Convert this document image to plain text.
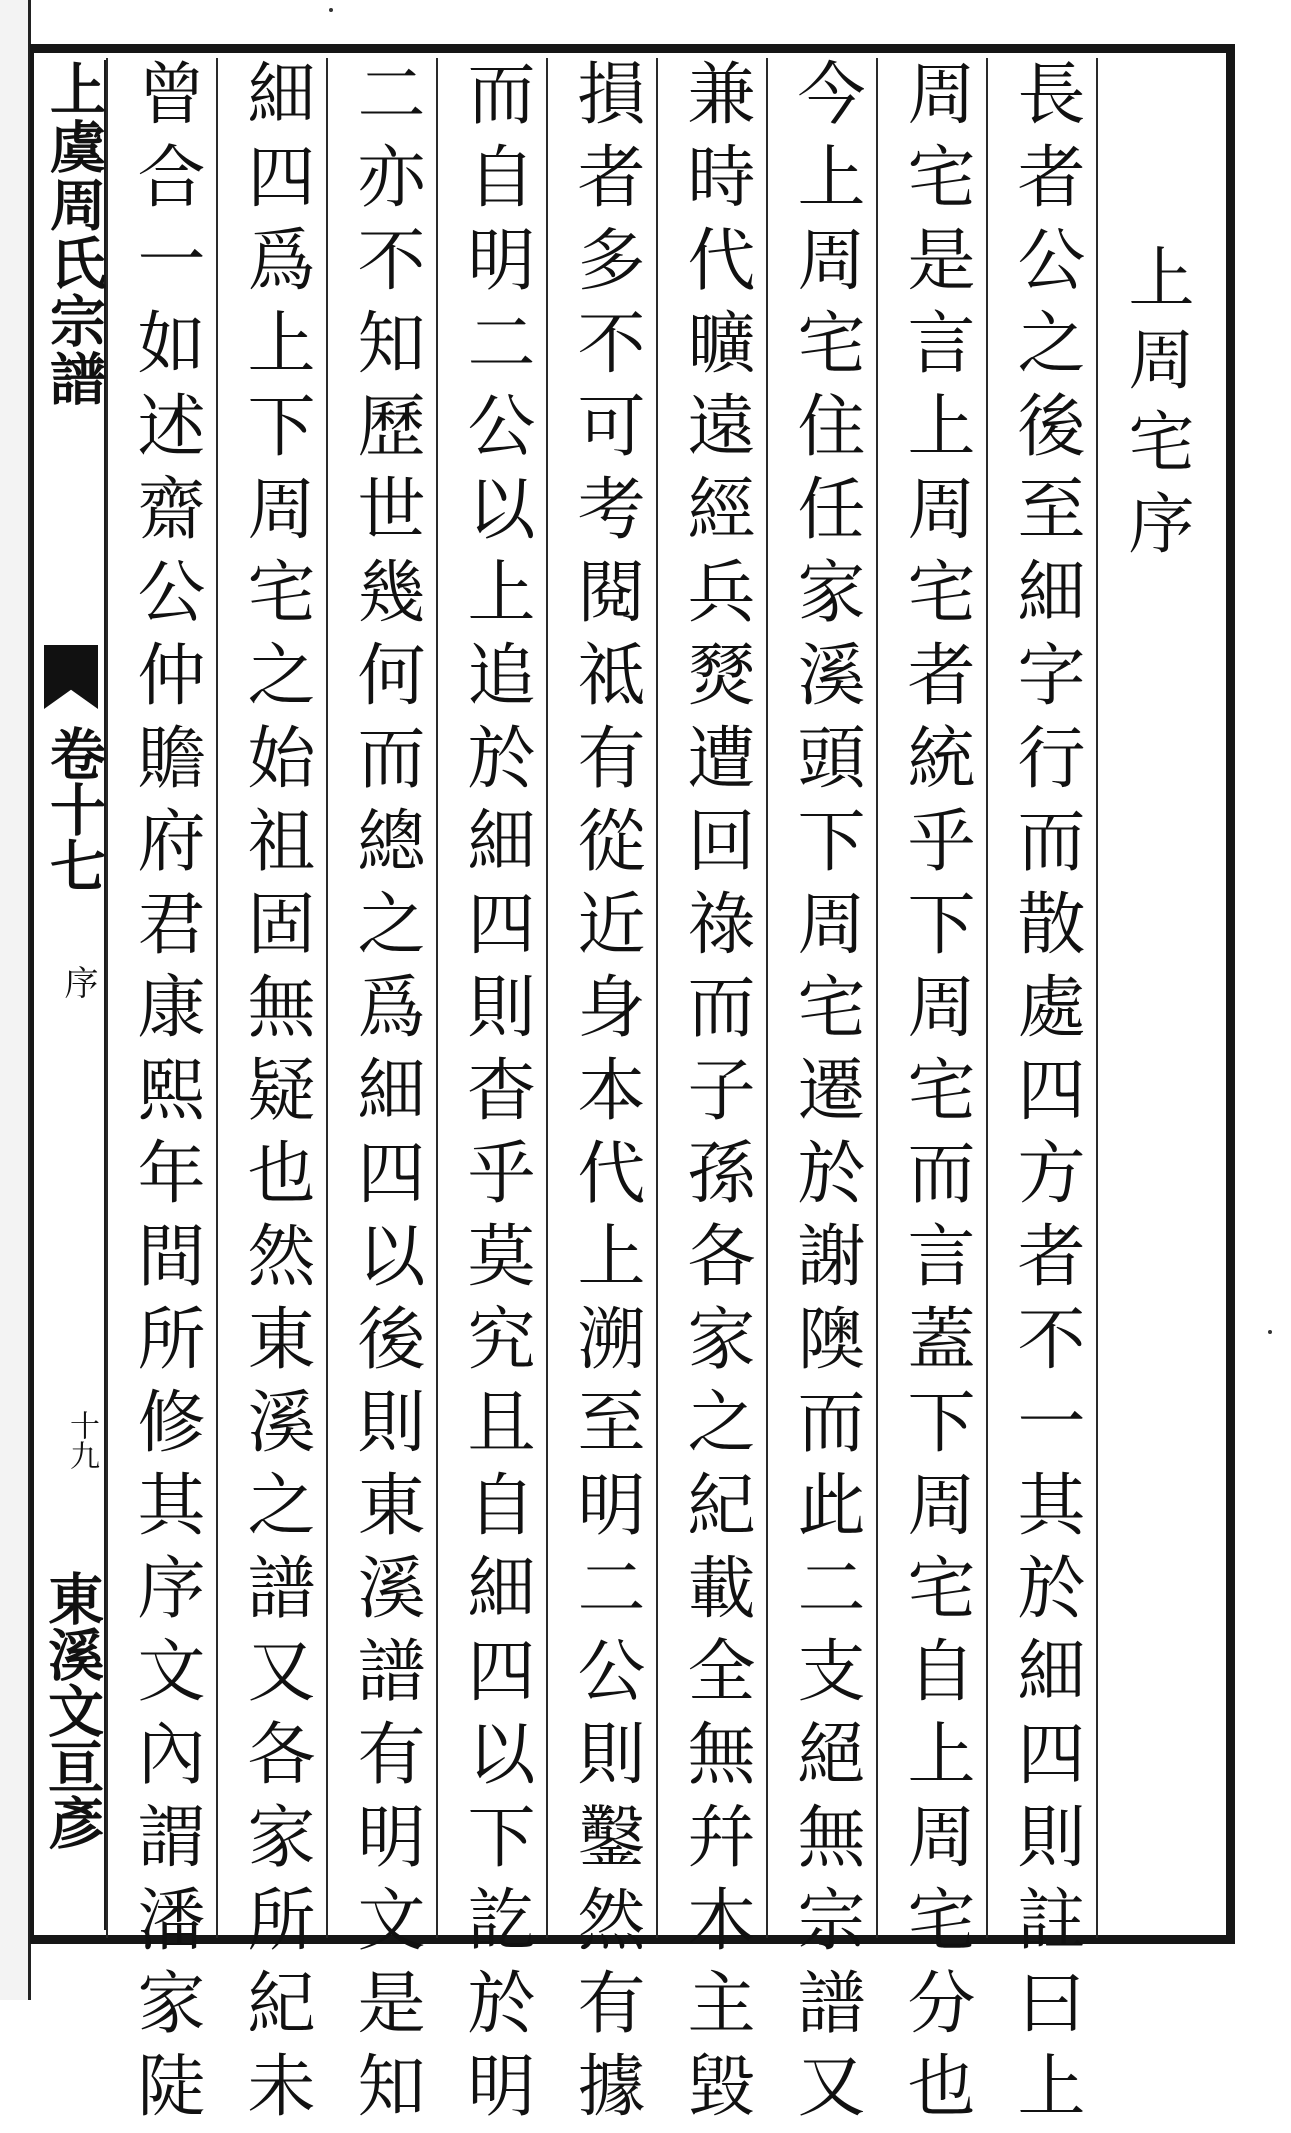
上虞周氏宗譜
卷十七
序
十九
東溪文亘彥 曾合一如述齋公仲贍府君康熙年間所修其序文內謂潘家陡 細四爲上下周宅之始祖固無疑也然東溪之譜又各家所紀未 二亦不知歷世幾何而總之爲細四以後則東溪譜有明文是知 而自明二公以上追於細四則杳乎莫究且自細四以下訖於明 損者多不可考閱祗有從近身本代上溯至明二公則鑿然有據 兼時代曠遠經兵燹遭回祿而子孫各家之紀載全無幷木主毀 今上周宅住任家溪頭下周宅遷於謝隩而此二支絕無宗譜又 周宅是言上周宅者統乎下周宅而言蓋下周宅自上周宅分也 長者公之後至細字行而散處四方者不一其於細四則註曰上 上周宅序
